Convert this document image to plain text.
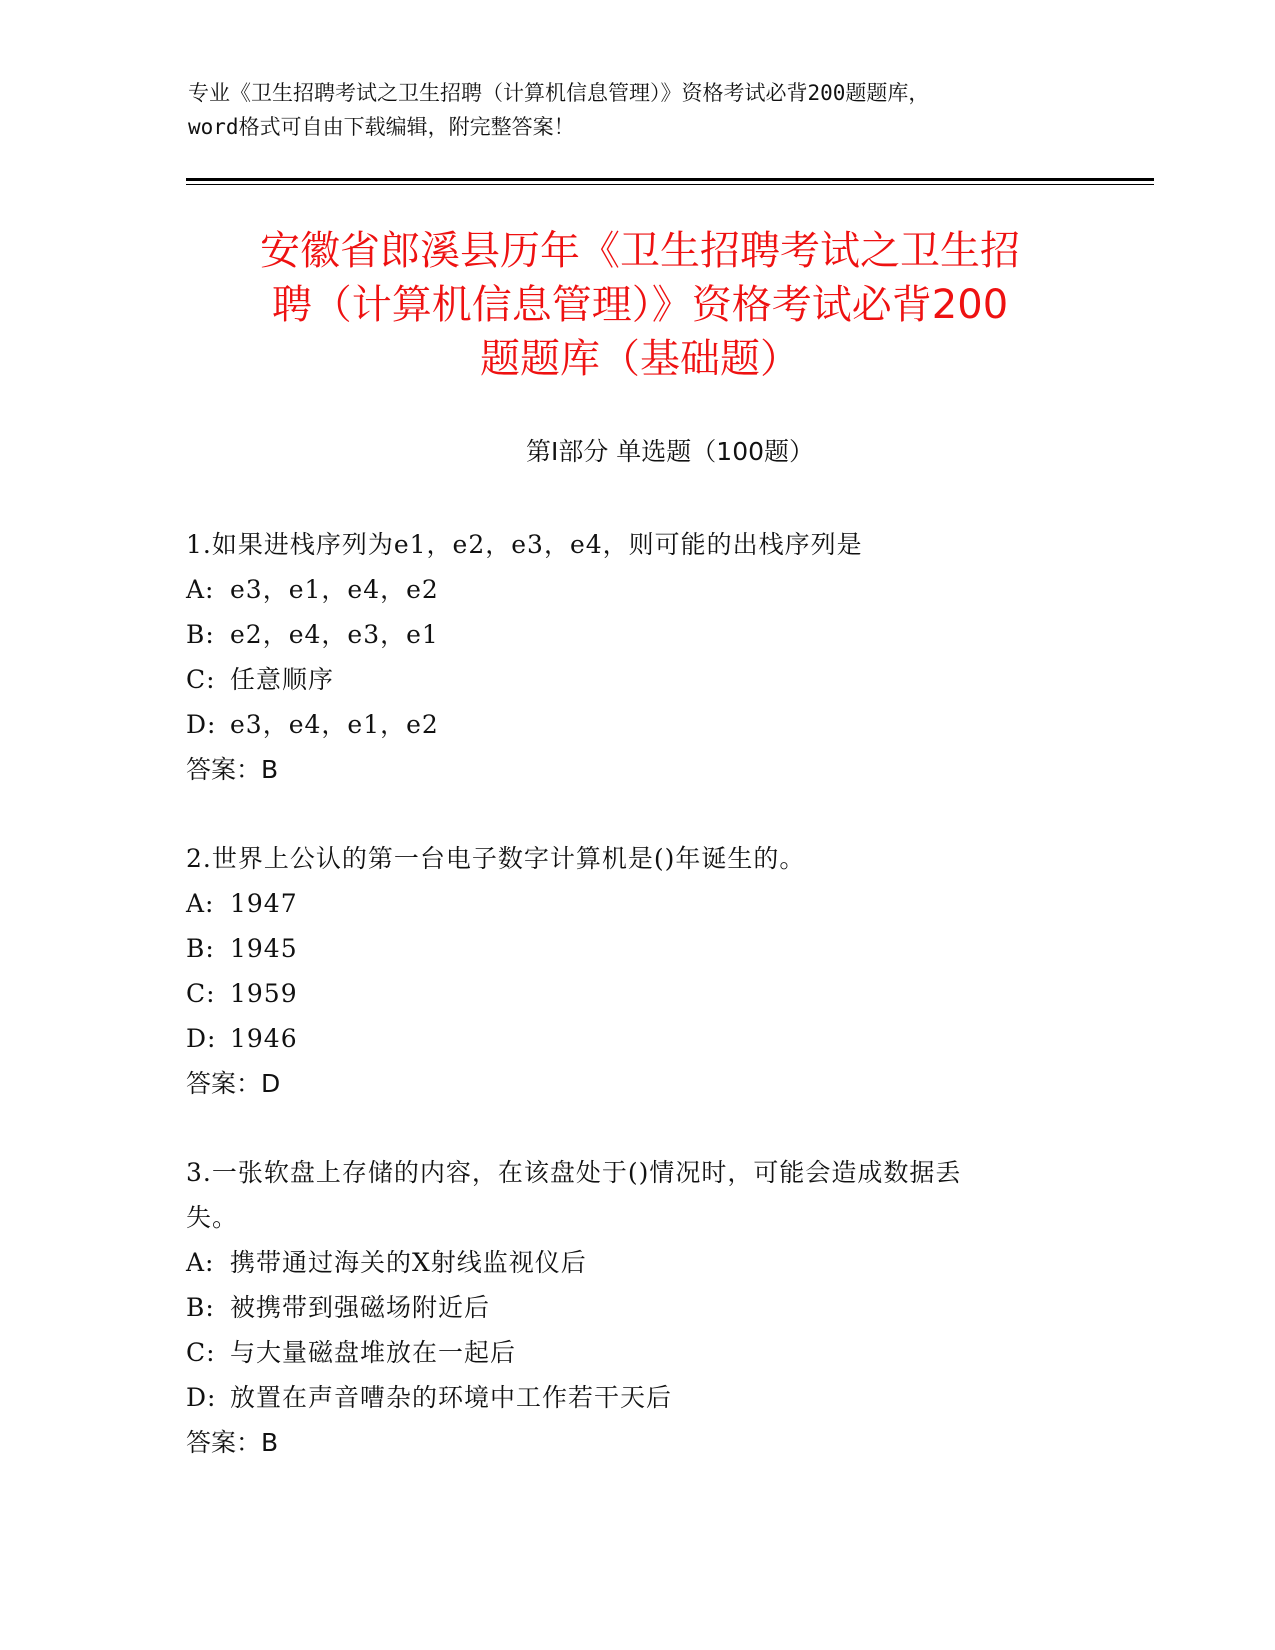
专业《卫生招聘考试之卫生招聘（计算机信息管理）》资格考试必背200题题库，
word格式可自由下载编辑，附完整答案！
安徽省郎溪县历年《卫生招聘考试之卫生招
聘（计算机信息管理）》资格考试必背200
题题库（基础题）
第Ⅰ部分 单选题（100题）
1.如果进栈序列为e1，e2，e3，e4，则可能的出栈序列是
A: e3，e1，e4，e2
B: e2，e4，e3，e1
C: 任意顺序
D: e3，e4，e1，e2
答案：B
2.世界上公认的第一台电子数字计算机是()年诞生的。
A: 1947
B: 1945
C: 1959
D: 1946
答案：D
3.一张软盘上存储的内容，在该盘处于()情况时，可能会造成数据丢
失。
A: 携带通过海关的X射线监视仪后
B: 被携带到强磁场附近后
C: 与大量磁盘堆放在一起后
D: 放置在声音嘈杂的环境中工作若干天后
答案：B
